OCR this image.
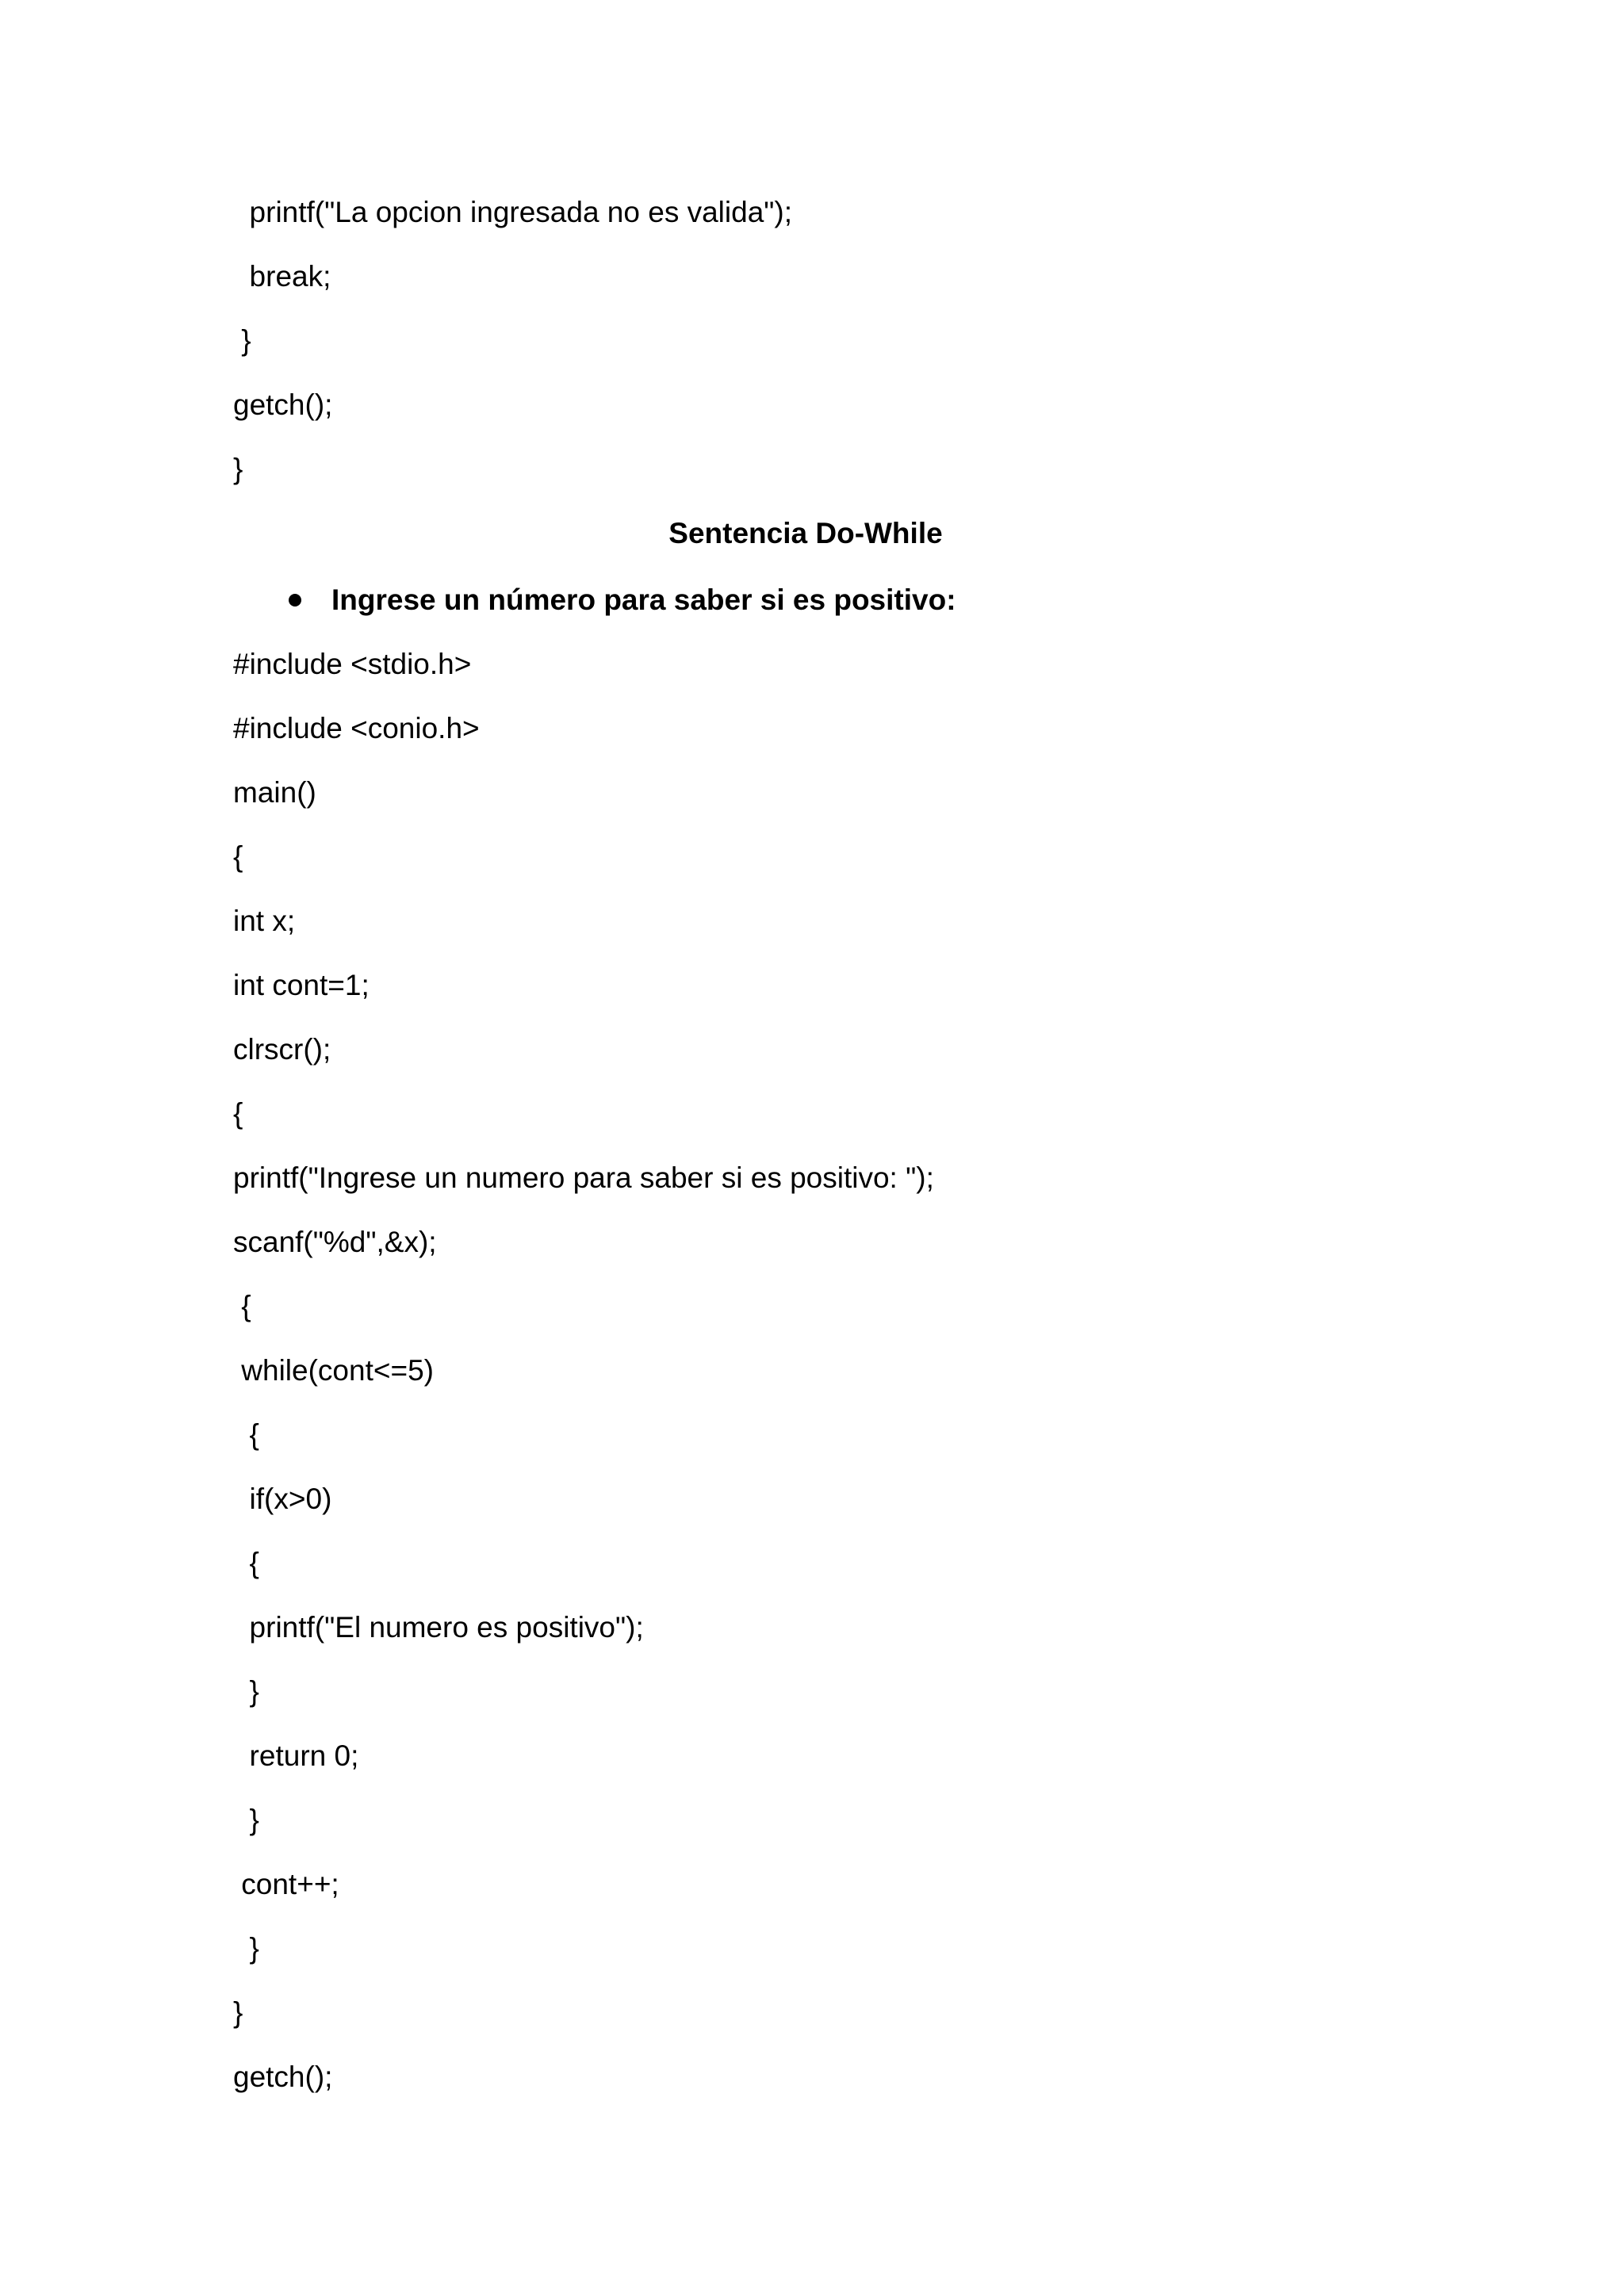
printf("La opcion ingresada no es valida");
break;
}
getch();
}
Sentencia Do-While

Ingrese un número para saber si es positivo:

#include <stdio.h>
#include <conio.h>
main()
{
int x;
int cont=1;
clrscr();
{
printf("Ingrese un numero para saber si es positivo: ");
scanf("%d",&x);
{
while(cont<=5)
{
if(x>0)
{
printf("El numero es positivo");
}
return 0;
}
cont++;
}
}
getch();
